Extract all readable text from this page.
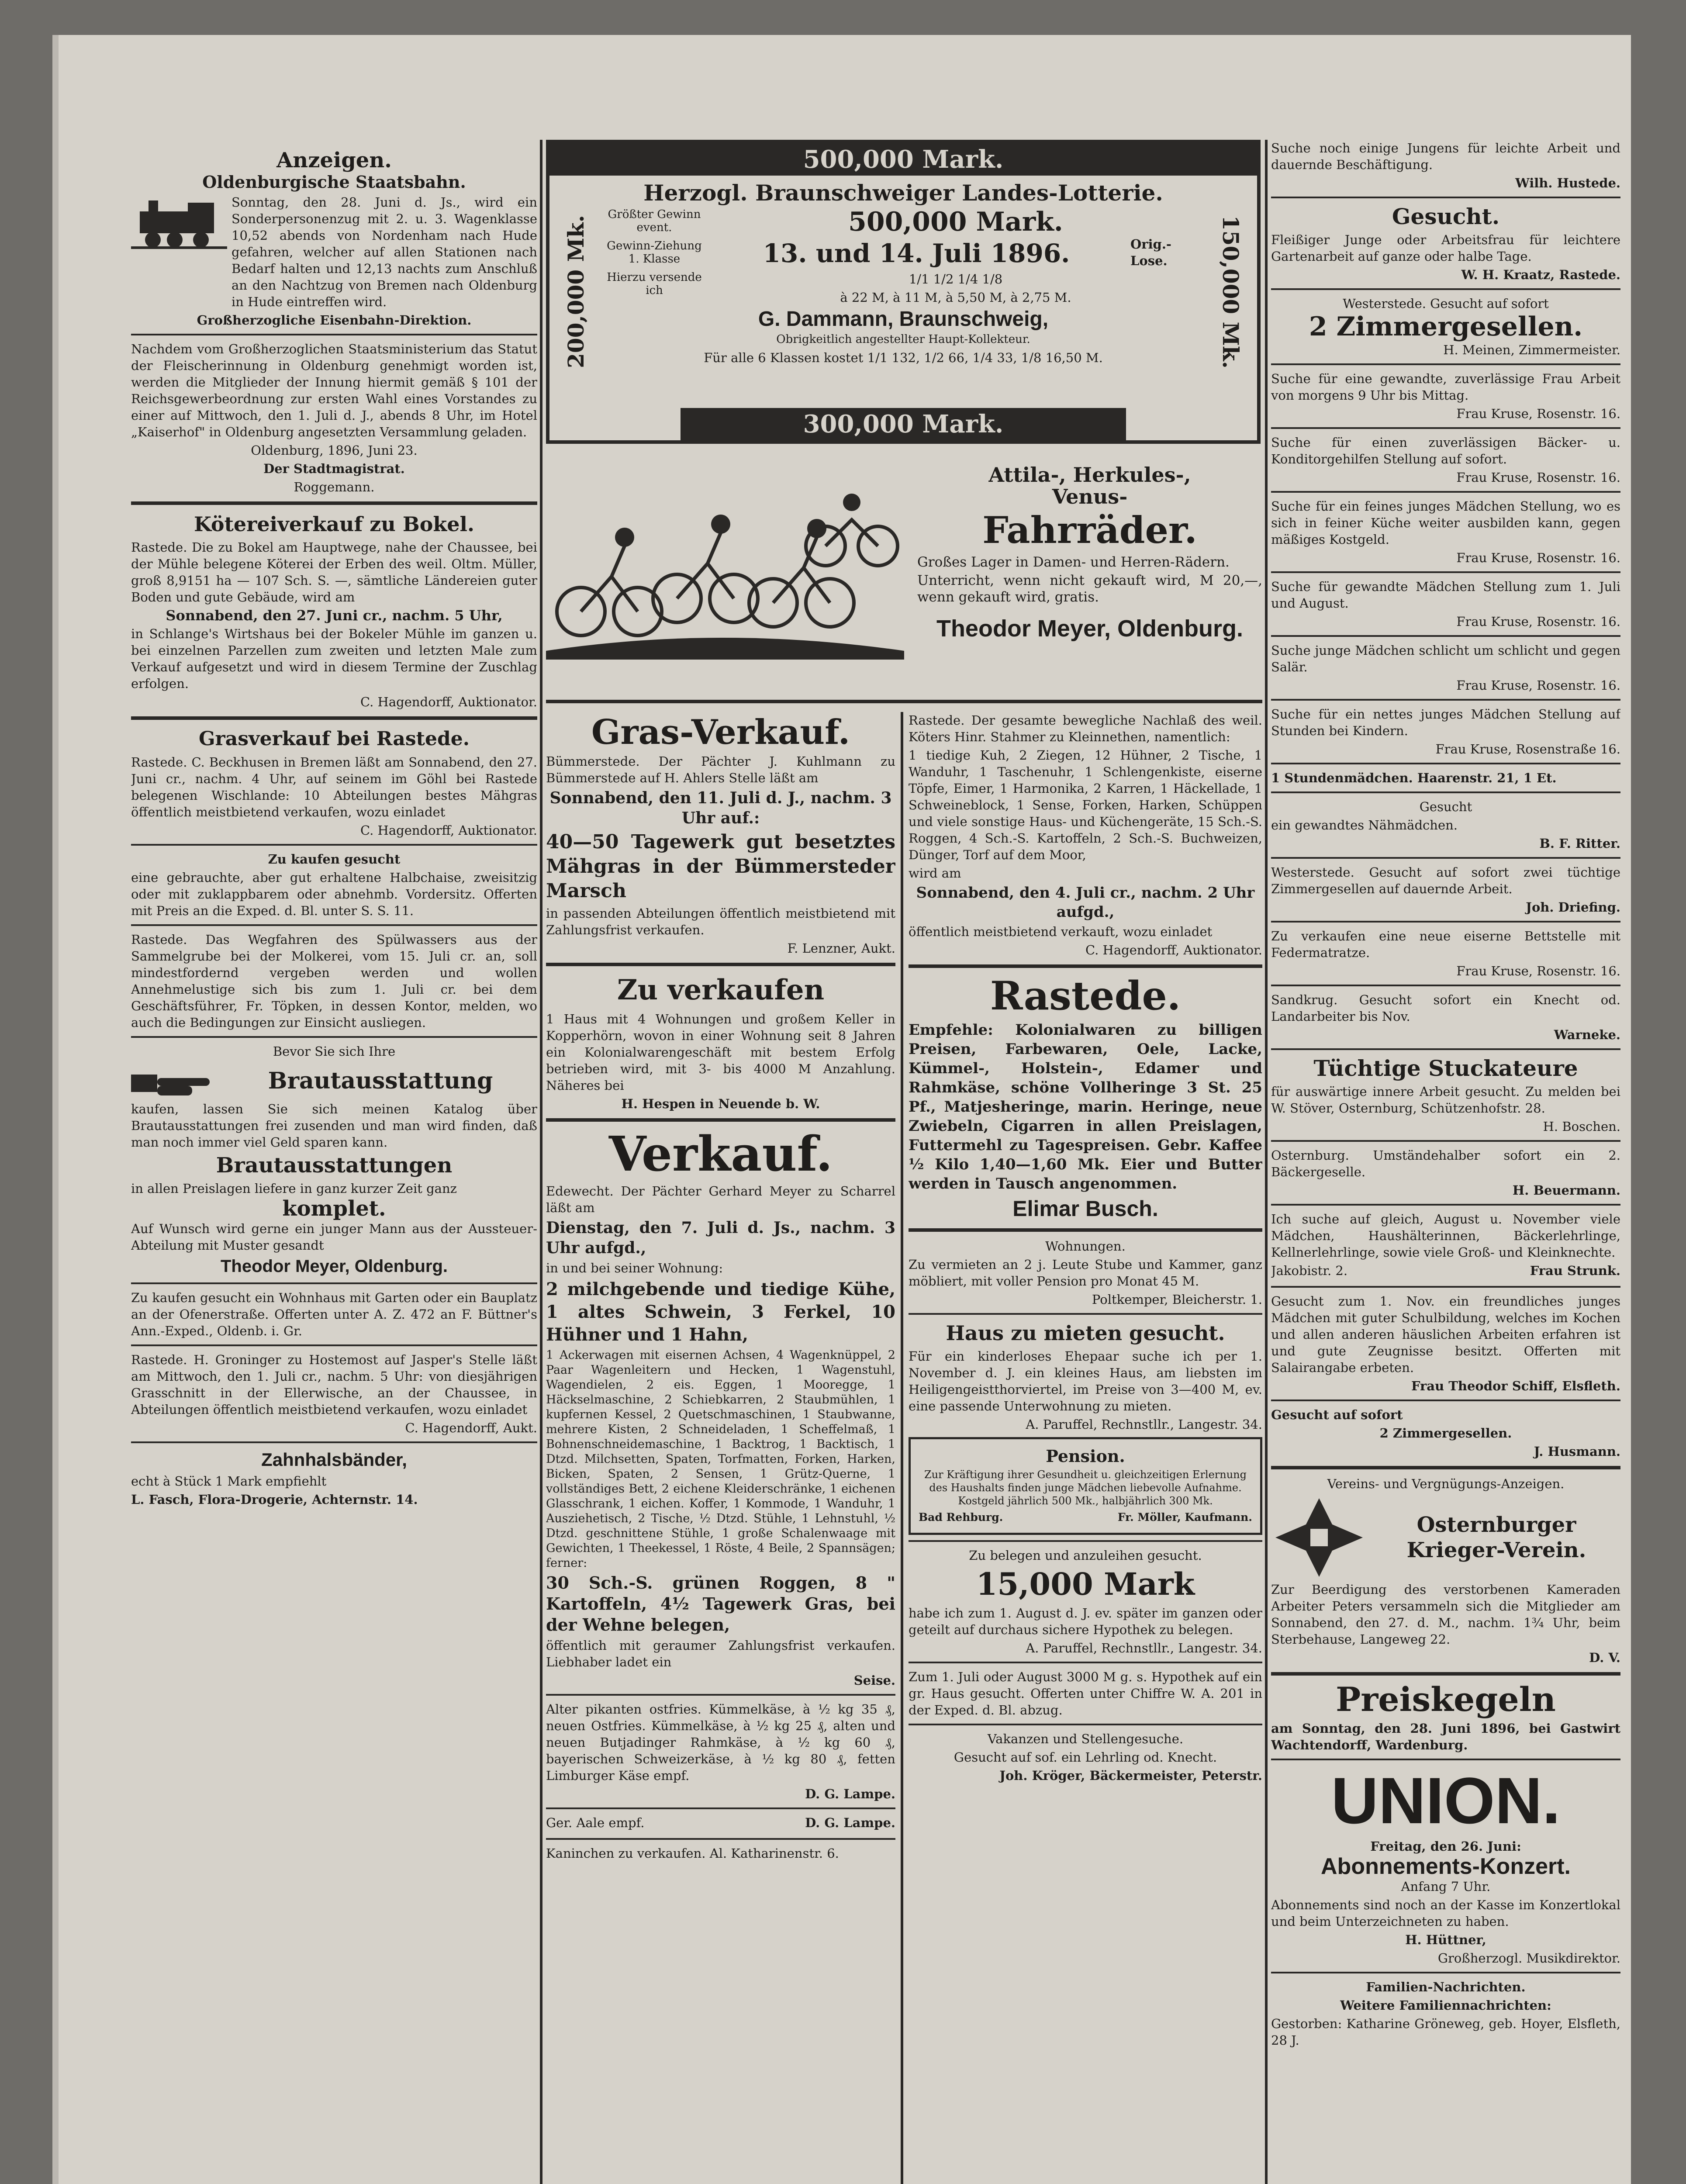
Anzeigen.
Oldenburgische Staatsbahn.

Sonntag, den 28. Juni d. Js., wird ein Sonderpersonenzug mit 2. u. 3. Wagenklasse 10,52 abends von Nordenham nach Hude gefahren, welcher auf allen Stationen nach Bedarf halten und 12,13 nachts zum Anschluß an den Nachtzug von Bremen nach Oldenburg in Hude eintreffen wird.

Großherzogliche Eisenbahn-Direktion.

Nachdem vom Großherzoglichen Staatsministerium das Statut der Fleischerinnung in Oldenburg genehmigt worden ist, werden die Mitglieder der Innung hiermit gemäß § 101 der Reichsgewerbeordnung zur ersten Wahl eines Vorstandes zu einer auf Mittwoch, den 1. Juli d. J., abends 8 Uhr, im Hotel „Kaiserhof" in Oldenburg angesetzten Versammlung geladen.

Oldenburg, 1896, Juni 23.

Der Stadtmagistrat.

Roggemann.

Kötereiverkauf zu Bokel.

Rastede. Die zu Bokel am Hauptwege, nahe der Chaussee, bei der Mühle belegene Köterei der Erben des weil. Oltm. Müller, groß 8,9151 ha — 107 Sch. S. —, sämtliche Ländereien guter Boden und gute Gebäude, wird am

Sonnabend, den 27. Juni cr., nachm. 5 Uhr,

in Schlange's Wirtshaus bei der Bokeler Mühle im ganzen u. bei einzelnen Parzellen zum zweiten und letzten Male zum Verkauf aufgesetzt und wird in diesem Termine der Zuschlag erfolgen.

C. Hagendorff, Auktionator.

Grasverkauf bei Rastede.

Rastede. C. Beckhusen in Bremen läßt am Sonnabend, den 27. Juni cr., nachm. 4 Uhr, auf seinem im Göhl bei Rastede belegenen Wischlande: 10 Abteilungen bestes Mähgras öffentlich meistbietend verkaufen, wozu einladet

C. Hagendorff, Auktionator.

Zu kaufen gesucht

eine gebrauchte, aber gut erhaltene Halbchaise, zweisitzig oder mit zuklappbarem oder abnehmb. Vordersitz. Offerten mit Preis an die Exped. d. Bl. unter S. S. 11.

Rastede. Das Wegfahren des Spülwassers aus der Sammelgrube bei der Molkerei, vom 15. Juli cr. an, soll mindestfordernd vergeben werden und wollen Annehmelustige sich bis zum 1. Juli cr. bei dem Geschäftsführer, Fr. Töpken, in dessen Kontor, melden, wo auch die Bedingungen zur Einsicht ausliegen.

Bevor Sie sich Ihre

Brautausstattung

kaufen, lassen Sie sich meinen Katalog über Brautausstattungen frei zusenden und man wird finden, daß man noch immer viel Geld sparen kann.

Brautausstattungen

in allen Preislagen liefere in ganz kurzer Zeit ganz

komplet.

Auf Wunsch wird gerne ein junger Mann aus der Aussteuer-Abteilung mit Muster gesandt

Theodor Meyer, Oldenburg.

Zu kaufen gesucht ein Wohnhaus mit Garten oder ein Bauplatz an der Ofenerstraße. Offerten unter A. Z. 472 an F. Büttner's Ann.-Exped., Oldenb. i. Gr.

Rastede. H. Groninger zu Hostemost auf Jasper's Stelle läßt am Mittwoch, den 1. Juli cr., nachm. 5 Uhr: von diesjährigen Grasschnitt in der Ellerwische, an der Chaussee, in Abteilungen öffentlich meistbietend verkaufen, wozu einladet

C. Hagendorff, Aukt.

Zahnhalsbänder,

echt à Stück 1 Mark empfiehlt

L. Fasch, Flora-Drogerie, Achternstr. 14.

500,000 Mark.
200,000 Mk.	150,000 Mk.
Herzogl. Braunschweiger Landes-Lotterie.
Größter Gewinn event.	500,000 Mark.
Gewinn-Ziehung 1. Klasse	13. und 14. Juli 1896.	Orig.-Lose.
Hierzu versende ich

1/1 1/2 1/4 1/8

à 22 M, à 11 M, à 5,50 M, à 2,75 M.

G. Dammann, Braunschweig,

Obrigkeitlich angestellter Haupt-Kollekteur.

Für alle 6 Klassen kostet 1/1 132, 1/2 66, 1/4 33, 1/8 16,50 M.

300,000 Mark.
Attila-, Herkules-,
Venus-
Fahrräder.

Großes Lager in Damen- und Herren-Rädern.

Unterricht, wenn nicht gekauft wird, M 20,—, wenn gekauft wird, gratis.

Theodor Meyer, Oldenburg.
Gras-Verkauf.

Bümmerstede. Der Pächter J. Kuhlmann zu Bümmerstede auf H. Ahlers Stelle läßt am

Sonnabend, den 11. Juli d. J., nachm. 3 Uhr auf.:

40—50 Tagewerk gut besetztes Mähgras in der Bümmersteder Marsch

in passenden Abteilungen öffentlich meistbietend mit Zahlungsfrist verkaufen.

F. Lenzner, Aukt.

Zu verkaufen

1 Haus mit 4 Wohnungen und großem Keller in Kopperhörn, wovon in einer Wohnung seit 8 Jahren ein Kolonialwarengeschäft mit bestem Erfolg betrieben wird, mit 3- bis 4000 M Anzahlung. Näheres bei

H. Hespen in Neuende b. W.

Verkauf.

Edewecht. Der Pächter Gerhard Meyer zu Scharrel läßt am

Dienstag, den 7. Juli d. Js., nachm. 3 Uhr aufgd.,

in und bei seiner Wohnung:

2 milchgebende und tiedige Kühe, 1 altes Schwein, 3 Ferkel, 10 Hühner und 1 Hahn,

1 Ackerwagen mit eisernen Achsen, 4 Wagenknüppel, 2 Paar Wagenleitern und Hecken, 1 Wagenstuhl, Wagendielen, 2 eis. Eggen, 1 Mooregge, 1 Häckselmaschine, 2 Schiebkarren, 2 Staubmühlen, 1 kupfernen Kessel, 2 Quetschmaschinen, 1 Staubwanne, mehrere Kisten, 2 Schneideladen, 1 Scheffelmaß, 1 Bohnenschneidemaschine, 1 Backtrog, 1 Backtisch, 1 Dtzd. Milchsetten, Spaten, Torfmatten, Forken, Harken, Bicken, Spaten, 2 Sensen, 1 Grütz-Querne, 1 vollständiges Bett, 2 eichene Kleiderschränke, 1 eichenen Glasschrank, 1 eichen. Koffer, 1 Kommode, 1 Wanduhr, 1 Ausziehetisch, 2 Tische, ½ Dtzd. Stühle, 1 Lehnstuhl, ½ Dtzd. geschnittene Stühle, 1 große Schalenwaage mit Gewichten, 1 Theekessel, 1 Röste, 4 Beile, 2 Spannsägen; ferner:

30 Sch.-S. grünen Roggen, 8 " Kartoffeln, 4½ Tagewerk Gras, bei der Wehne belegen,

öffentlich mit geraumer Zahlungsfrist verkaufen. Liebhaber ladet ein

Seise.

Alter pikanten ostfries. Kümmelkäse, à ½ kg 35 ₰, neuen Ostfries. Kümmelkäse, à ½ kg 25 ₰, alten und neuen Butjadinger Rahmkäse, à ½ kg 60 ₰, bayerischen Schweizerkäse, à ½ kg 80 ₰, fetten Limburger Käse empf.

D. G. Lampe.

Ger. Aale empf.	D. G. Lampe.

Kaninchen zu verkaufen. Al. Katharinenstr. 6.

Rastede. Der gesamte bewegliche Nachlaß des weil. Köters Hinr. Stahmer zu Kleinnethen, namentlich:

1 tiedige Kuh, 2 Ziegen, 12 Hühner, 2 Tische, 1 Wanduhr, 1 Taschenuhr, 1 Schlengenkiste, eiserne Töpfe, Eimer, 1 Harmonika, 2 Karren, 1 Häckellade, 1 Schweineblock, 1 Sense, Forken, Harken, Schüppen und viele sonstige Haus- und Küchengeräte, 15 Sch.-S. Roggen, 4 Sch.-S. Kartoffeln, 2 Sch.-S. Buchweizen, Dünger, Torf auf dem Moor,

wird am

Sonnabend, den 4. Juli cr., nachm. 2 Uhr aufgd.,

öffentlich meistbietend verkauft, wozu einladet

C. Hagendorff, Auktionator.

Rastede.

Empfehle: Kolonialwaren zu billigen Preisen, Farbewaren, Oele, Lacke, Kümmel-, Holstein-, Edamer und Rahmkäse, schöne Vollheringe 3 St. 25 Pf., Matjesheringe, marin. Heringe, neue Zwiebeln, Cigarren in allen Preislagen, Futtermehl zu Tagespreisen. Gebr. Kaffee ½ Kilo 1,40—1,60 Mk. Eier und Butter werden in Tausch angenommen.

Elimar Busch.

Wohnungen.

Zu vermieten an 2 j. Leute Stube und Kammer, ganz möbliert, mit voller Pension pro Monat 45 M.

Poltkemper, Bleicherstr. 1.

Haus zu mieten gesucht.

Für ein kinderloses Ehepaar suche ich per 1. November d. J. ein kleines Haus, am liebsten im Heiligengeistthorviertel, im Preise von 3—400 M, ev. eine passende Unterwohnung zu mieten.

A. Paruffel, Rechnstllr., Langestr. 34.

Pension.

Zur Kräftigung ihrer Gesundheit u. gleichzeitigen Erlernung des Haushalts finden junge Mädchen liebevolle Aufnahme. Kostgeld jährlich 500 Mk., halbjährlich 300 Mk.

Bad Rehburg.	Fr. Möller, Kaufmann.

Zu belegen und anzuleihen gesucht.

15,000 Mark

habe ich zum 1. August d. J. ev. später im ganzen oder geteilt auf durchaus sichere Hypothek zu belegen.

A. Paruffel, Rechnstllr., Langestr. 34.

Zum 1. Juli oder August 3000 M g. s. Hypothek auf ein gr. Haus gesucht. Offerten unter Chiffre W. A. 201 in der Exped. d. Bl. abzug.

Vakanzen und Stellengesuche.

Gesucht auf sof. ein Lehrling od. Knecht.

Joh. Kröger, Bäckermeister, Peterstr.

Suche noch einige Jungens für leichte Arbeit und dauernde Beschäftigung.

Wilh. Hustede.

Gesucht.

Fleißiger Junge oder Arbeitsfrau für leichtere Gartenarbeit auf ganze oder halbe Tage.

W. H. Kraatz, Rastede.

Westerstede. Gesucht auf sofort

2 Zimmergesellen.

H. Meinen, Zimmermeister.

Suche für eine gewandte, zuverlässige Frau Arbeit von morgens 9 Uhr bis Mittag.

Frau Kruse, Rosenstr. 16.

Suche für einen zuverlässigen Bäcker- u. Konditorgehilfen Stellung auf sofort.

Frau Kruse, Rosenstr. 16.

Suche für ein feines junges Mädchen Stellung, wo es sich in feiner Küche weiter ausbilden kann, gegen mäßiges Kostgeld.

Frau Kruse, Rosenstr. 16.

Suche für gewandte Mädchen Stellung zum 1. Juli und August.

Frau Kruse, Rosenstr. 16.

Suche junge Mädchen schlicht um schlicht und gegen Salär.

Frau Kruse, Rosenstr. 16.

Suche für ein nettes junges Mädchen Stellung auf Stunden bei Kindern.

Frau Kruse, Rosenstraße 16.

1 Stundenmädchen. Haarenstr. 21, 1 Et.

Gesucht

ein gewandtes Nähmädchen.

B. F. Ritter.

Westerstede. Gesucht auf sofort zwei tüchtige Zimmergesellen auf dauernde Arbeit.

Joh. Driefing.

Zu verkaufen eine neue eiserne Bettstelle mit Federmatratze.

Frau Kruse, Rosenstr. 16.

Sandkrug. Gesucht sofort ein Knecht od. Landarbeiter bis Nov.

Warneke.

Tüchtige Stuckateure

für auswärtige innere Arbeit gesucht. Zu melden bei W. Stöver, Osternburg, Schützenhofstr. 28.

H. Boschen.

Osternburg. Umständehalber sofort ein 2. Bäckergeselle.

H. Beuermann.

Ich suche auf gleich, August u. November viele Mädchen, Haushälterinnen, Bäckerlehrlinge, Kellnerlehrlinge, sowie viele Groß- und Kleinknechte.

Jakobistr. 2.	Frau Strunk.

Gesucht zum 1. Nov. ein freundliches junges Mädchen mit guter Schulbildung, welches im Kochen und allen anderen häuslichen Arbeiten erfahren ist und gute Zeugnisse besitzt. Offerten mit Salairangabe erbeten.

Frau Theodor Schiff, Elsfleth.

Gesucht auf sofort

2 Zimmergesellen.

J. Husmann.

Vereins- und Vergnügungs-Anzeigen.

Osternburger Krieger-Verein.

Zur Beerdigung des verstorbenen Kameraden Arbeiter Peters versammeln sich die Mitglieder am Sonnabend, den 27. d. M., nachm. 1¾ Uhr, beim Sterbehause, Langeweg 22.

D. V.

Preiskegeln

am Sonntag, den 28. Juni 1896, bei Gastwirt Wachtendorff, Wardenburg.

UNION.

Freitag, den 26. Juni:

Abonnements-Konzert.

Anfang 7 Uhr.

Abonnements sind noch an der Kasse im Konzertlokal und beim Unterzeichneten zu haben.

H. Hüttner,

Großherzogl. Musikdirektor.

Familien-Nachrichten.

Weitere Familiennachrichten:

Gestorben: Katharine Gröneweg, geb. Hoyer, Elsfleth, 28 J.
